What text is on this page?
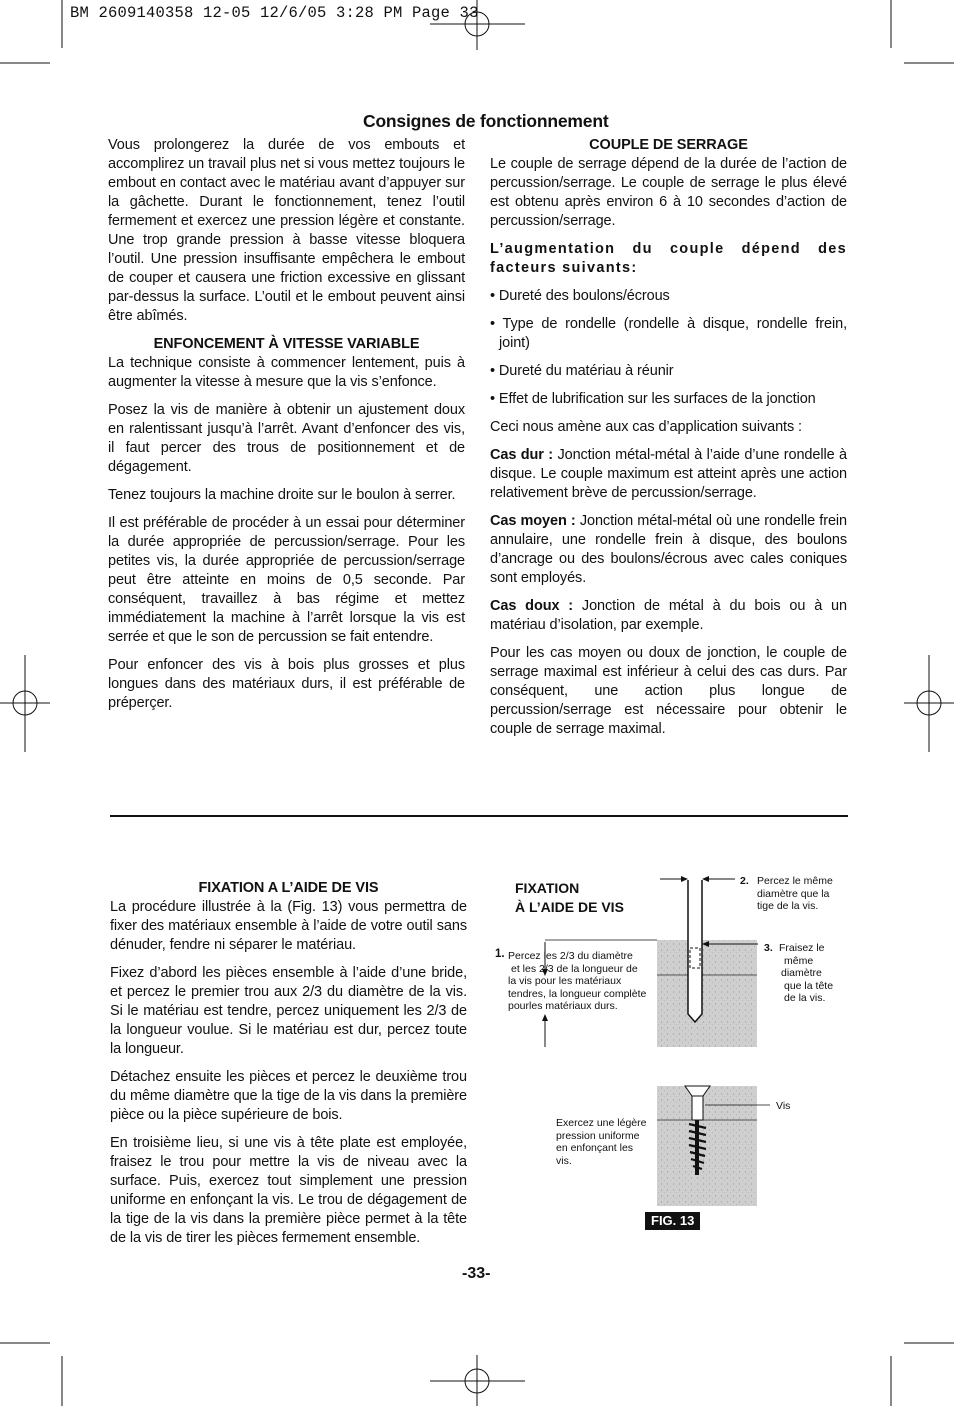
BM 2609140358 12-05 12/6/05 3:28 PM Page 33
Consignes de fonctionnement

Vous prolongerez la durée de vos embouts et accomplirez un travail plus net si vous mettez toujours le embout en contact avec le matériau avant d’appuyer sur la gâchette. Durant le fonctionnement, tenez l’outil fermement et exercez une pression légère et constante. Une trop grande pression à basse vitesse bloquera l’outil. Une pression insuffisante empêchera le embout de couper et causera une friction excessive en glissant par-dessus la surface. L’outil et le embout peuvent ainsi être abîmés.

ENFONCEMENT À VITESSE VARIABLE

La technique consiste à commencer lentement, puis à augmenter la vitesse à mesure que la vis s’enfonce.

Posez la vis de manière à obtenir un ajustement doux en ralentissant jusqu’à l’arrêt. Avant d’enfoncer des vis, il faut percer des trous de positionnement et de dégagement.

Tenez toujours la machine droite sur le boulon à serrer.

Il est préférable de procéder à un essai pour déterminer la durée appropriée de percussion/serrage. Pour les petites vis, la durée appropriée de percussion/serrage peut être atteinte en moins de 0,5 seconde. Par conséquent, travaillez à bas régime et mettez immédiatement la machine à l’arrêt lorsque la vis est serrée et que le son de percussion se fait entendre.

Pour enfoncer des vis à bois plus grosses et plus longues dans des matériaux durs, il est préférable de préperçer.

COUPLE DE SERRAGE

Le couple de serrage dépend de la durée de l’action de percussion/serrage. Le couple de serrage le plus élevé est obtenu après environ 6 à 10 secondes d’action de percussion/serrage.

L’augmentation du couple dépend des facteurs suivants:

• Dureté des boulons/écrous

• Type de rondelle (rondelle à disque, rondelle frein, joint)

• Dureté du matériau à réunir

• Effet de lubrification sur les surfaces de la jonction

Ceci nous amène aux cas d’application suivants :

Cas dur : Jonction métal-métal à l’aide d’une rondelle à disque. Le couple maximum est atteint après une action relativement brève de percussion/serrage.

Cas moyen : Jonction métal-métal où une rondelle frein annulaire, une rondelle frein à disque, des boulons d’ancrage ou des boulons/écrous avec cales coniques sont employés.

Cas doux : Jonction de métal à du bois ou à un matériau d’isolation, par exemple.

Pour les cas moyen ou doux de jonction, le couple de serrage maximal est inférieur à celui des cas durs. Par conséquent, une action plus longue de percussion/serrage est nécessaire pour obtenir le couple de serrage maximal.

FIXATION A L’AIDE DE VIS

La procédure illustrée à la (Fig. 13) vous permettra de fixer des matériaux ensemble à l’aide de votre outil sans dénuder, fendre ni séparer le matériau.

Fixez d’abord les pièces ensemble à l’aide d’une bride, et percez le premier trou aux 2/3 du diamètre de la vis. Si le matériau est tendre, percez uniquement les 2/3 de la longueur voulue. Si le matériau est dur, percez toute la longueur.

Détachez ensuite les pièces et percez le deuxième trou du même diamètre que la tige de la vis dans la première pièce ou la pièce supérieure de bois.

En troisième lieu, si une vis à tête plate est employée, fraisez le trou pour mettre la vis de niveau avec la surface. Puis, exercez tout simplement une pression uniforme en enfonçant la vis. Le trou de dégagement de la tige de la vis dans la première pièce permet à la tête de la vis de tirer les pièces fermement ensemble.

FIXATION
À L’AIDE DE VIS
1. Percez les 2/3 du diamètre
et les 2/3 de la longueur de
la vis pour les matériaux
tendres, la longueur complète
pourles matériaux durs.
2. Percez le même
diamètre que la
tige de la vis.
3. Fraisez le
même
diamètre
que la tête
de la vis.
Vis
Exercez une légère
pression uniforme
en enfonçant les
vis.
FIG. 13
-33-
